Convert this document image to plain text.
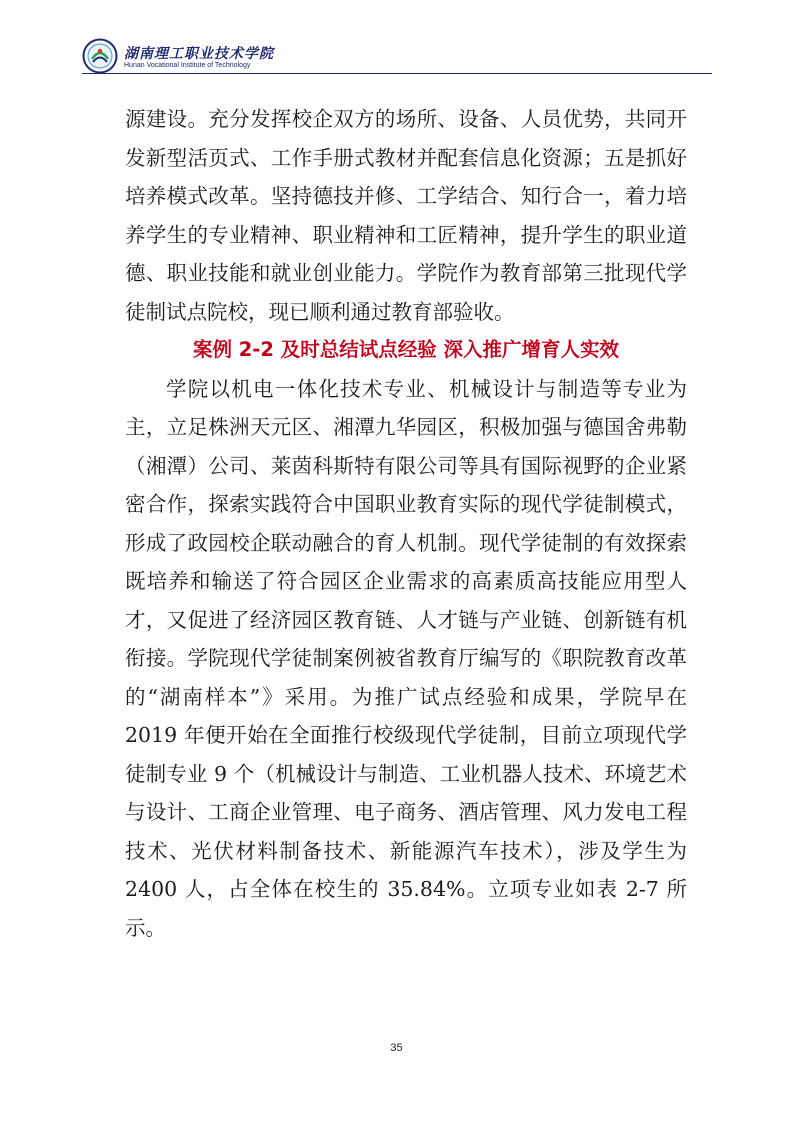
湖南理工职业技术学院
Hunan Vocational Institute of Technology

源建设。充分发挥校企双方的场所、设备、人员优势，共同开发新型活页式、工作手册式教材并配套信息化资源；五是抓好培养模式改革。坚持德技并修、工学结合、知行合一，着力培养学生的专业精神、职业精神和工匠精神，提升学生的职业道德、职业技能和就业创业能力。学院作为教育部第三批现代学徒制试点院校，现已顺利通过教育部验收。

案例 2-2 及时总结试点经验 深入推广增育人实效

学院以机电一体化技术专业、机械设计与制造等专业为主，立足株洲天元区、湘潭九华园区，积极加强与德国舍弗勒（湘潭）公司、莱茵科斯特有限公司等具有国际视野的企业紧密合作，探索实践符合中国职业教育实际的现代学徒制模式，形成了政园校企联动融合的育人机制。现代学徒制的有效探索既培养和输送了符合园区企业需求的高素质高技能应用型人才，又促进了经济园区教育链、人才链与产业链、创新链有机衔接。学院现代学徒制案例被省教育厅编写的《职院教育改革的“湖南样本”》采用。为推广试点经验和成果，学院早在 2019 年便开始在全面推行校级现代学徒制，目前立项现代学徒制专业 9 个（机械设计与制造、工业机器人技术、环境艺术与设计、工商企业管理、电子商务、酒店管理、风力发电工程技术、光伏材料制备技术、新能源汽车技术），涉及学生为 2400 人，占全体在校生的 35.84%。立项专业如表 2-7 所示。

35
